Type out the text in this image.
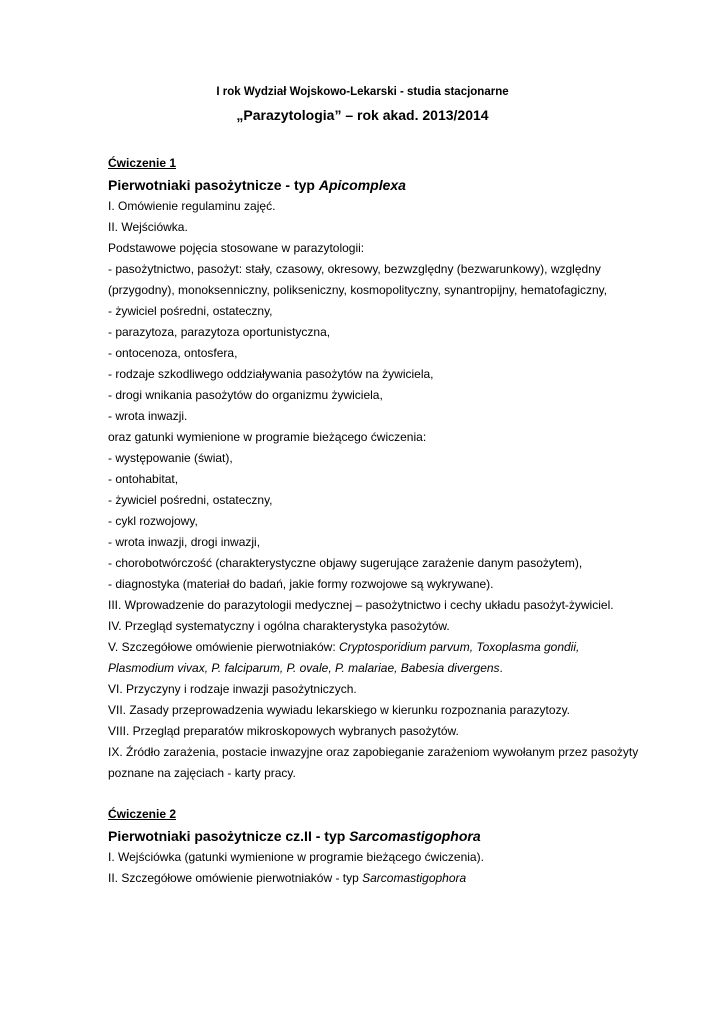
I rok Wydział Wojskowo-Lekarski - studia stacjonarne
„Parazytologia” – rok akad. 2013/2014
Ćwiczenie 1
Pierwotniaki pasożytnicze - typ Apicomplexa
I. Omówienie regulaminu zajęć.
II. Wejściówka.
Podstawowe pojęcia stosowane w parazytologii:
- pasożytnictwo, pasożyt: stały, czasowy, okresowy, bezwzględny (bezwarunkowy), względny
(przygodny), monoksenniczny, polikseniczny, kosmopolityczny, synantropijny, hematofagiczny,
- żywiciel pośredni, ostateczny,
- parazytoza, parazytoza oportunistyczna,
- ontocenoza, ontosfera,
- rodzaje szkodliwego oddziaływania pasożytów na żywiciela,
- drogi wnikania pasożytów do organizmu żywiciela,
- wrota inwazji.
oraz gatunki wymienione w programie bieżącego ćwiczenia:
- występowanie (świat),
- ontohabitat,
- żywiciel pośredni, ostateczny,
- cykl rozwojowy,
- wrota inwazji, drogi inwazji,
- chorobotwórczość (charakterystyczne objawy sugerujące zarażenie danym pasożytem),
- diagnostyka (materiał do badań, jakie formy rozwojowe są wykrywane).
III. Wprowadzenie do parazytologii medycznej – pasożytnictwo i cechy układu pasożyt-żywiciel.
IV. Przegląd systematyczny i ogólna charakterystyka pasożytów.
V. Szczegółowe omówienie pierwotniaków: Cryptosporidium parvum, Toxoplasma gondii,
Plasmodium vivax, P. falciparum, P. ovale, P. malariae, Babesia divergens.
VI. Przyczyny i rodzaje inwazji pasożytniczych.
VII. Zasady przeprowadzenia wywiadu lekarskiego w kierunku rozpoznania parazytozy.
VIII. Przegląd preparatów mikroskopowych wybranych pasożytów.
IX. Źródło zarażenia, postacie inwazyjne oraz zapobieganie zarażeniom wywołanym przez pasożyty
poznane na zajęciach - karty pracy.
Ćwiczenie 2
Pierwotniaki pasożytnicze cz.II - typ Sarcomastigophora
I. Wejściówka (gatunki wymienione w programie bieżącego ćwiczenia).
II. Szczegółowe omówienie pierwotniaków - typ Sarcomastigophora
